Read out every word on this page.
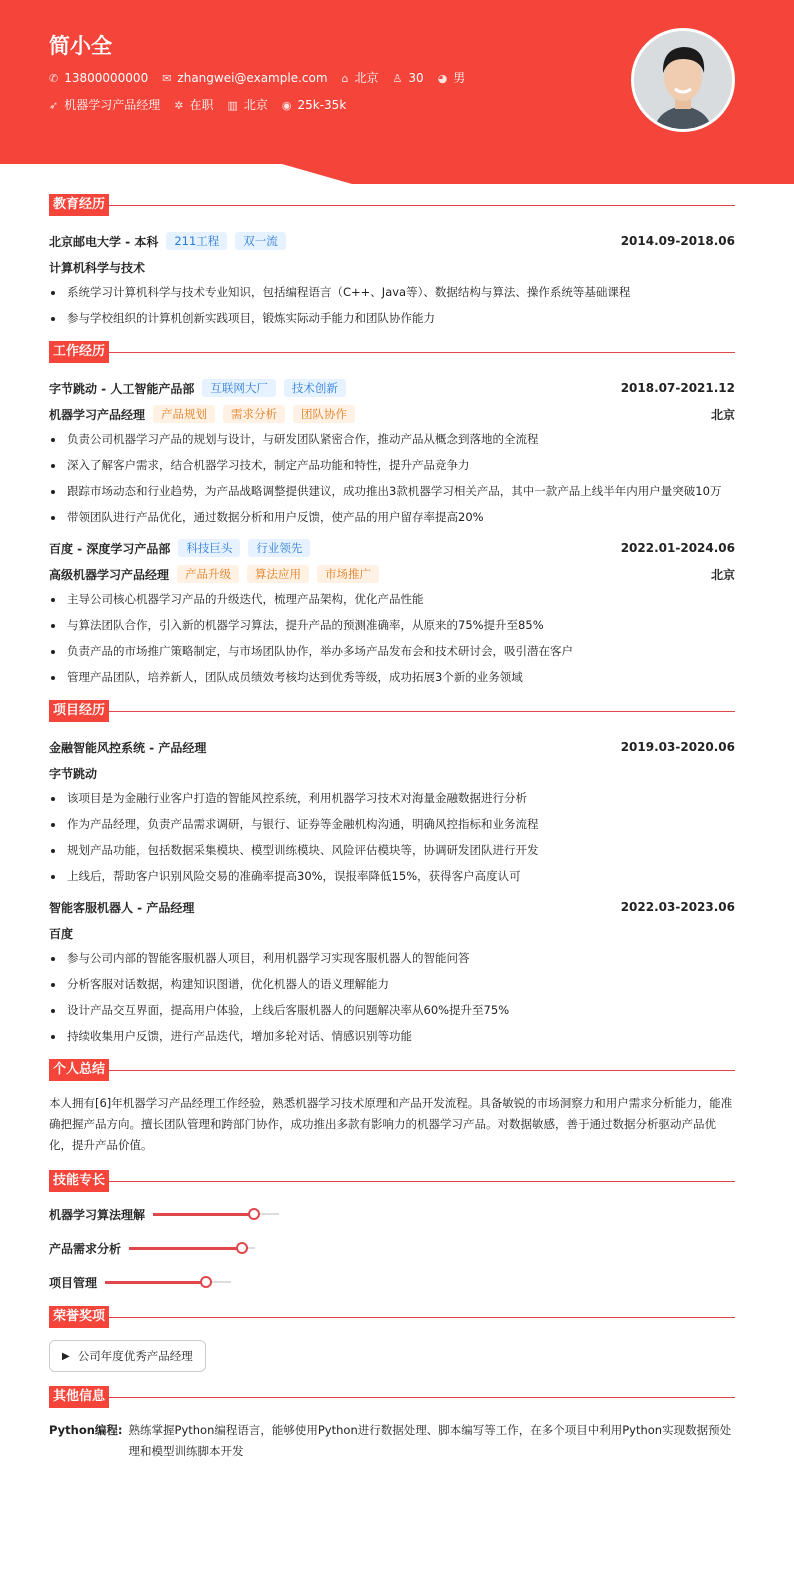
简小全
✆ 13800000000 ✉ zhangwei@example.com ⌂ 北京 ♙ 30 ◕ 男
➶ 机器学习产品经理 ✲ 在职 ▥ 北京 ◉ 25k-35k
教育经历
北京邮电大学 - 本科	211工程	双一流	2014.09-2018.06
计算机科学与技术
系统学习计算机科学与技术专业知识，包括编程语言（C++、Java等）、数据结构与算法、操作系统等基础课程
参与学校组织的计算机创新实践项目，锻炼实际动手能力和团队协作能力
工作经历
字节跳动 - 人工智能产品部	互联网大厂	技术创新	2018.07-2021.12
机器学习产品经理	产品规划	需求分析	团队协作	北京
负责公司机器学习产品的规划与设计，与研发团队紧密合作，推动产品从概念到落地的全流程
深入了解客户需求，结合机器学习技术，制定产品功能和特性，提升产品竞争力
跟踪市场动态和行业趋势，为产品战略调整提供建议，成功推出3款机器学习相关产品，其中一款产品上线半年内用户量突破10万
带领团队进行产品优化，通过数据分析和用户反馈，使产品的用户留存率提高20%
百度 - 深度学习产品部	科技巨头	行业领先	2022.01-2024.06
高级机器学习产品经理	产品升级	算法应用	市场推广	北京
主导公司核心机器学习产品的升级迭代，梳理产品架构，优化产品性能
与算法团队合作，引入新的机器学习算法，提升产品的预测准确率，从原来的75%提升至85%
负责产品的市场推广策略制定，与市场团队协作，举办多场产品发布会和技术研讨会，吸引潜在客户
管理产品团队，培养新人，团队成员绩效考核均达到优秀等级，成功拓展3个新的业务领域
项目经历
金融智能风控系统 - 产品经理	2019.03-2020.06
字节跳动
该项目是为金融行业客户打造的智能风控系统，利用机器学习技术对海量金融数据进行分析
作为产品经理，负责产品需求调研，与银行、证券等金融机构沟通，明确风控指标和业务流程
规划产品功能，包括数据采集模块、模型训练模块、风险评估模块等，协调研发团队进行开发
上线后，帮助客户识别风险交易的准确率提高30%，误报率降低15%，获得客户高度认可
智能客服机器人 - 产品经理	2022.03-2023.06
百度
参与公司内部的智能客服机器人项目，利用机器学习实现客服机器人的智能问答
分析客服对话数据，构建知识图谱，优化机器人的语义理解能力
设计产品交互界面，提高用户体验，上线后客服机器人的问题解决率从60%提升至75%
持续收集用户反馈，进行产品迭代，增加多轮对话、情感识别等功能
个人总结

本人拥有[6]年机器学习产品经理工作经验，熟悉机器学习技术原理和产品开发流程。具备敏锐的市场洞察力和用户需求分析能力，能准确把握产品方向。擅长团队管理和跨部门协作，成功推出多款有影响力的机器学习产品。对数据敏感，善于通过数据分析驱动产品优化，提升产品价值。

技能专长
机器学习算法理解
产品需求分析
项目管理
荣誉奖项
▶ 公司年度优秀产品经理
其他信息
Python编程: 熟练掌握Python编程语言，能够使用Python进行数据处理、脚本编写等工作，在多个项目中利用Python实现数据预处理和模型训练脚本开发
